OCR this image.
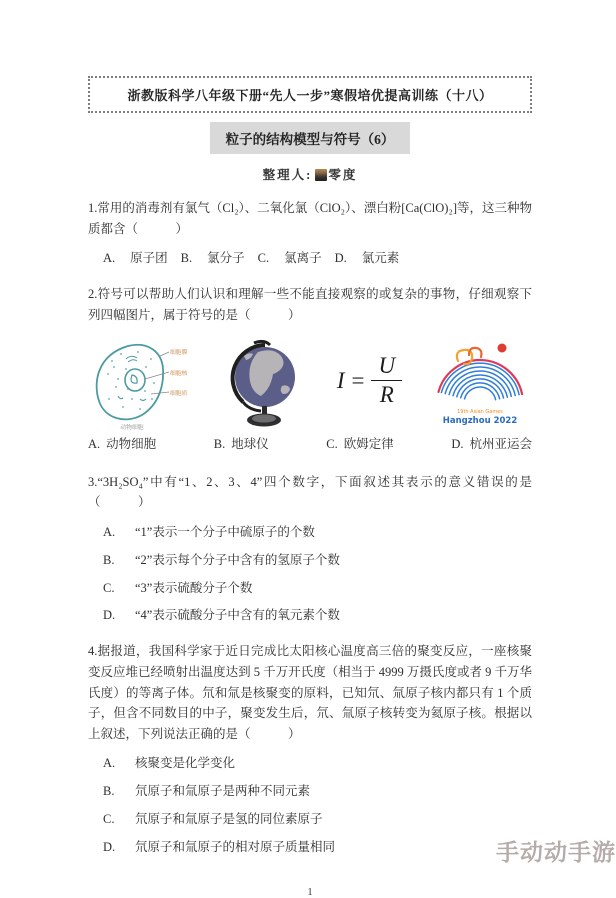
浙教版科学八年级下册“先人一步”寒假培优提高训练（十八）
粒子的结构模型与符号（6）
整理人: 零度

1.常用的消毒剂有氯气（Cl₂）、二氧化氯（ClO₂）、漂白粉[Ca(ClO)₂]等，这三种物质都含（　　　）

A. 原子团 B. 氯分子 C. 氯离子 D. 氯元素

2.符号可以帮助人们认识和理解一些不能直接观察的或复杂的事物，仔细观察下列四幅图片，属于符号的是（　　　）

细胞膜
细胞核
细胞质
动物细胞
$I = \frac{U}{R}$
19th Asian Games
Hangzhou 2022
A. 动物细胞	B. 地球仪	C. 欧姆定律	D. 杭州亚运会

3.“3H₂SO₄”中有“1、2、3、4”四个数字，下面叙述其表示的意义错误的是（　　　）

A.	“1”表示一个分子中硫原子的个数
B.	“2”表示每个分子中含有的氢原子个数
C.	“3”表示硫酸分子个数
D.	“4”表示硫酸分子中含有的氧元素个数

4.据报道，我国科学家于近日完成比太阳核心温度高三倍的聚变反应，一座核聚变反应堆已经喷射出温度达到 5 千万开氏度（相当于 4999 万摄氏度或者 9 千万华氏度）的等离子体。氘和氚是核聚变的原料，已知氘、氚原子核内都只有 1 个质子，但含不同数目的中子，聚变发生后，氘、氚原子核转变为氦原子核。根据以上叙述，下列说法正确的是（　　　）

A.	核聚变是化学变化
B.	氘原子和氚原子是两种不同元素
C.	氘原子和氚原子是氢的同位素原子
D.	氘原子和氚原子的相对原子质量相同
1
手动动手游
